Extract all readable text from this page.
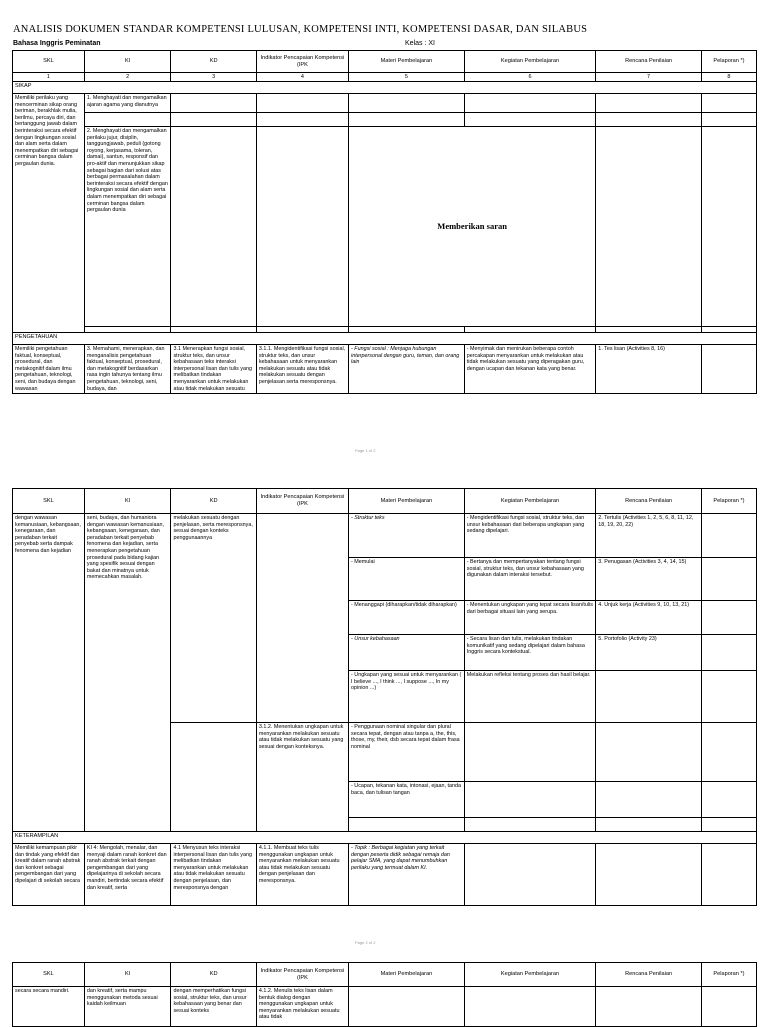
ANALISIS DOKUMEN STANDAR KOMPETENSI LULUSAN, KOMPETENSI INTI, KOMPETENSI DASAR, DAN SILABUS
Bahasa Inggris Peminatan	Kelas : XI
SKL	KI	KD	Indikator Pencapaian Kompetensi (IPK	Materi Pembelajaran	Kegiatan Pembelajaran	Rencana Penilaian	Pelaporan *)
1	2	3	4	5	6	7	8
SIKAP							
Memiliki perilaku yang mencerminan sikap orang beriman, berakhlak mulia, berilmu, percaya diri, dan bertanggung jawab dalam berinteraksi secara efektif dengan lingkungan sosial dan alam serta dalam menempatkan diri sebagai cerminan bangsa dalam pergaulan dunia.	1. Menghayati dan mengamalkan ajaran agama yang dianutnya						

	2. Menghayati dan mengamalkan perilaku jujur, disiplin, tanggungjawab, peduli (gotong royong, kerjasama, toleran, damai), santun, responsif dan pro-aktif dan menunjukkan sikap sebagai bagian dari solusi atas berbagai permasalahan dalam berinteraksi secara efektif dengan lingkungan sosial dan alam serta dalam menempatkan diri sebagai cerminan bangsa dalam pergaulan dunia			Memberikan saran			

PENGETAHUAN							
Memiliki pengetahuan faktual, konseptual, prosedural, dan metakognitif dalam ilmu pengetahuan, teknologi, seni, dan budaya dengan wawasan	3. Memahami, menerapkan, dan menganalisis pengetahuan faktual, konseptual, prosedural, dan metakognitif berdasarkan rasa ingin tahunya tentang ilmu pengetahuan, teknologi, seni, budaya, dan	3.1 Menerapkan fungsi sosial, struktur teks, dan unsur kebahasaan teks interaksi interpersonal lisan dan tulis yang melibatkan tindakan menyarankan untuk melakukan atau tidak melakukan sesuatu	3.1.1. Mengidentifikasi fungsi sosial, struktur teks, dan unsur kebahasaan untuk menyarankan melakukan sesuatu atau tidak melakukan sesuatu dengan penjelasan serta meresponsnya.	- Fungsi sosial : Menjaga hubungan interpersonal dengan guru, teman, dan orang lain	- Menyimak dan menirukan beberapa contoh percakapan menyarankan untuk melakukan atau tidak melakukan sesuatu yang diperagakan guru, dengan ucapan dan tekanan kata yang benar.	1. Tes lisan (Activities 8, 16)	
Page 1 of 2
SKL	KI	KD	Indikator Pencapaian Kompetensi (IPK	Materi Pembelajaran	Kegiatan Pembelajaran	Rencana Penilaian	Pelaporan *)
dengan wawasan kemanusiaan, kebangsaan, kenegaraan, dan peradaban terkait penyebab serta dampak fenomena dan kejadian	seni, budaya, dan humaniora dengan wawasan kemanusiaan, kebangsaan, kenegaraan, dan peradaban terkait penyebab fenomena dan kejadian, serta menerapkan pengetahuan prosedural pada bidang kajian yang spesifik sesuai dengan bakat dan minatnya untuk memecahkan masalah.	melakukan sesuatu dengan penjelasan, serta meresponsnya, sesuai dengan konteks penggunaannya		- Struktur teks	- Mengidentifikasi fungsi sosial, struktur teks, dan unsur kebahasaan dari beberapa ungkapan yang sedang dipelajari.	2. Tertulis (Activities 1, 2, 5, 6, 8, 11, 12, 18, 19, 20, 22)	
				- Memulai	- Bertanya dan mempertanyakan tentang fungsi sosial, struktur teks, dan unsur kebahasaan yang digunakan dalam interaksi tersebut.	3. Penugasan (Activities 3, 4, 14, 15)	
				- Menanggapi (diharapkan/tidak diharapkan)	- Menentukan ungkapan yang tepat secara lisan/tulis dari berbagai situasi lain yang serupa.	4. Unjuk kerja (Activities 9, 10, 13, 21)	
				- Unsur kebahasaan	- Secara lisan dan tulis, melakukan tindakan komunikatif yang sedang dipelajari dalam bahasa Inggris secara kontekstual.	5. Portofolio (Activity 23)	
				- Ungkapan yang sesuai untuk menyarankan ( I believe ..., I think ..., I suppose ..., In my opinion ...)	Melakukan refleksi tentang proses dan hasil belajar.		
			3.1.2. Menentukan ungkapan untuk menyarankan melakukan sesuatu atau tidak melakukan sesuatu yang sesuai dengan konteksnya.	- Penggunaan nominal singular dan plural secara tepat, dengan atau tanpa a, the, this, those, my, their, dsb secara tepat dalam frasa nominal			
				- Ucapan, tekanan kata, intonasi, ejaan, tanda baca, dan tulisan tangan			

KETERAMPILAN							
Memiliki kemampuan pikir dan tindak yang efektif dan kreatif dalam ranah abstrak dan konkret sebagai pengembangan dari yang dipelajari di sekolah secara	KI 4: Mengolah, menalar, dan menyaji dalam ranah konkret dan ranah abstrak terkait dengan pengembangan dari yang dipelajarinya di sekolah secara mandiri, bertindak secara efektif dan kreatif, serta	4.1 Menyusun teks interaksi interpersonal lisan dan tulis yang melibatkan tindakan menyarankan untuk melakukan atau tidak melakukan sesuatu dengan penjelasan, dan meresponsnya dengan	4.1.1. Membuat teks tulis menggunakan ungkapan untuk menyarankan melakukan sesuatu atau tidak melakukan sesuatu dengan penjelasan dan meresponsnya.	- Topik : Berbagai kegiatan yang terkait dengan peserta didik sebagai remaja dan pelajar SMA, yang dapat menumbuhkan perilaku yang termuat dalam KI.			
Page 2 of 2
SKL	KI	KD	Indikator Pencapaian Kompetensi (IPK	Materi Pembelajaran	Kegiatan Pembelajaran	Rencana Penilaian	Pelaporan *)
secara secara mandiri.	dan kreatif, serta mampu menggunakan metoda sesuai kaidah keilmuan	dengan memperhatikan fungsi sosial, struktur teks, dan unsur kebahasaan yang benar dan sesuai konteks	4.1.2. Menulis teks lisan dalam bentuk dialog dengan menggunakan ungkapan untuk menyarankan melakukan sesuatu atau tidak				
